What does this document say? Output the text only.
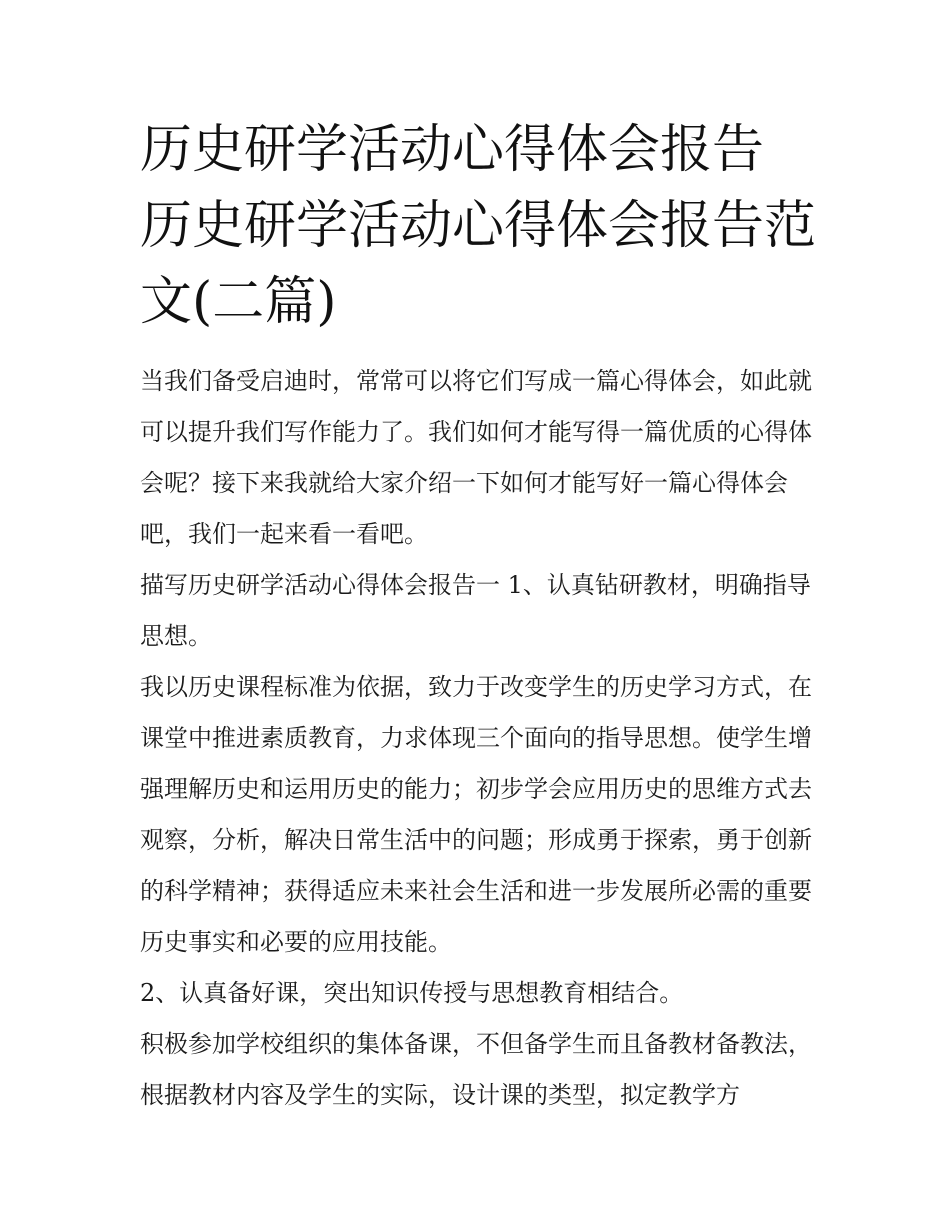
历史研学活动心得体会报告 历史研学活动心得体会报告范文(二篇)

当我们备受启迪时，常常可以将它们写成一篇心得体会，如此就可以提升我们写作能力了。我们如何才能写得一篇优质的心得体会呢？接下来我就给大家介绍一下如何才能写好一篇心得体会吧，我们一起来看一看吧。

描写历史研学活动心得体会报告一 1、认真钻研教材，明确指导思想。

我以历史课程标准为依据，致力于改变学生的历史学习方式，在课堂中推进素质教育，力求体现三个面向的指导思想。使学生增强理解历史和运用历史的能力；初步学会应用历史的思维方式去观察，分析，解决日常生活中的问题；形成勇于探索，勇于创新的科学精神；获得适应未来社会生活和进一步发展所必需的重要历史事实和必要的应用技能。

2、认真备好课，突出知识传授与思想教育相结合。

积极参加学校组织的集体备课，不但备学生而且备教材备教法，根据教材内容及学生的实际，设计课的类型，拟定教学方
